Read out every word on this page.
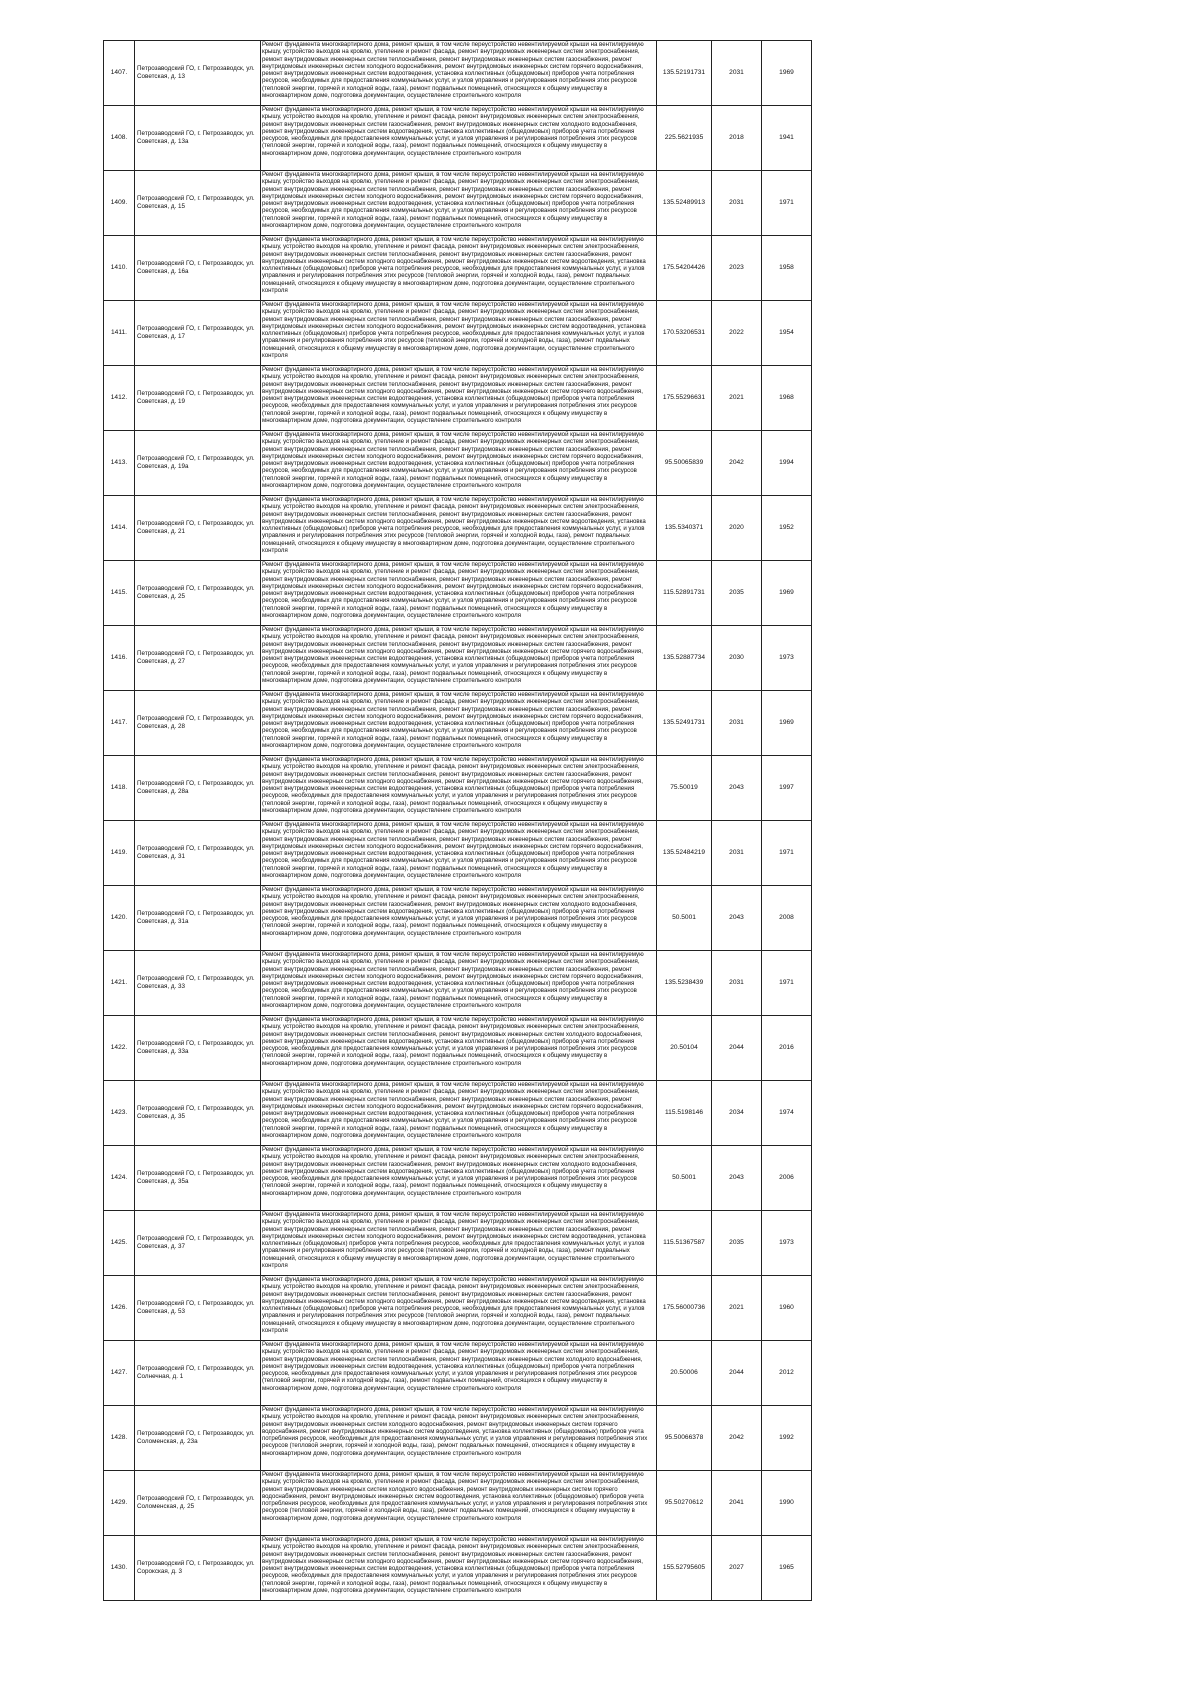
1407.	Петрозаводский ГО, г. Петрозаводск, ул. Советская, д. 13	Ремонт фундамента многоквартирного дома, ремонт крыши, в том числе переустройство невентилируемой крыши на вентилируемую крышу, устройство выходов на кровлю, утепление и ремонт фасада, ремонт внутридомовых инженерных систем электроснабжения, ремонт внутридомовых инженерных систем теплоснабжения, ремонт внутридомовых инженерных систем газоснабжения, ремонт внутридомовых инженерных систем холодного водоснабжения, ремонт внутридомовых инженерных систем горячего водоснабжения, ремонт внутридомовых инженерных систем водоотведения, установка коллективных (общедомовых) приборов учета потребления ресурсов, необходимых для предоставления коммунальных услуг, и узлов управления и регулирования потребления этих ресурсов (тепловой энергии, горячей и холодной воды, газа), ремонт подвальных помещений, относящихся к общему имуществу в многоквартирном доме, подготовка документации, осуществление строительного контроля	135.52191731	2031	1969
1408.	Петрозаводский ГО, г. Петрозаводск, ул. Советская, д. 13а	Ремонт фундамента многоквартирного дома, ремонт крыши, в том числе переустройство невентилируемой крыши на вентилируемую крышу, устройство выходов на кровлю, утепление и ремонт фасада, ремонт внутридомовых инженерных систем электроснабжения, ремонт внутридомовых инженерных систем газоснабжения, ремонт внутридомовых инженерных систем холодного водоснабжения, ремонт внутридомовых инженерных систем водоотведения, установка коллективных (общедомовых) приборов учета потребления ресурсов, необходимых для предоставления коммунальных услуг, и узлов управления и регулирования потребления этих ресурсов (тепловой энергии, горячей и холодной воды, газа), ремонт подвальных помещений, относящихся к общему имуществу в многоквартирном доме, подготовка документации, осуществление строительного контроля	225.5621935	2018	1941
1409.	Петрозаводский ГО, г. Петрозаводск, ул. Советская, д. 15	Ремонт фундамента многоквартирного дома, ремонт крыши, в том числе переустройство невентилируемой крыши на вентилируемую крышу, устройство выходов на кровлю, утепление и ремонт фасада, ремонт внутридомовых инженерных систем электроснабжения, ремонт внутридомовых инженерных систем теплоснабжения, ремонт внутридомовых инженерных систем газоснабжения, ремонт внутридомовых инженерных систем холодного водоснабжения, ремонт внутридомовых инженерных систем горячего водоснабжения, ремонт внутридомовых инженерных систем водоотведения, установка коллективных (общедомовых) приборов учета потребления ресурсов, необходимых для предоставления коммунальных услуг, и узлов управления и регулирования потребления этих ресурсов (тепловой энергии, горячей и холодной воды, газа), ремонт подвальных помещений, относящихся к общему имуществу в многоквартирном доме, подготовка документации, осуществление строительного контроля	135.52489913	2031	1971
1410.	Петрозаводский ГО, г. Петрозаводск, ул. Советская, д. 16а	Ремонт фундамента многоквартирного дома, ремонт крыши, в том числе переустройство невентилируемой крыши на вентилируемую крышу, устройство выходов на кровлю, утепление и ремонт фасада, ремонт внутридомовых инженерных систем электроснабжения, ремонт внутридомовых инженерных систем теплоснабжения, ремонт внутридомовых инженерных систем газоснабжения, ремонт внутридомовых инженерных систем холодного водоснабжения, ремонт внутридомовых инженерных систем водоотведения, установка коллективных (общедомовых) приборов учета потребления ресурсов, необходимых для предоставления коммунальных услуг, и узлов управления и регулирования потребления этих ресурсов (тепловой энергии, горячей и холодной воды, газа), ремонт подвальных помещений, относящихся к общему имуществу в многоквартирном доме, подготовка документации, осуществление строительного контроля	175.54204426	2023	1958
1411.	Петрозаводский ГО, г. Петрозаводск, ул. Советская, д. 17	Ремонт фундамента многоквартирного дома, ремонт крыши, в том числе переустройство невентилируемой крыши на вентилируемую крышу, устройство выходов на кровлю, утепление и ремонт фасада, ремонт внутридомовых инженерных систем электроснабжения, ремонт внутридомовых инженерных систем теплоснабжения, ремонт внутридомовых инженерных систем газоснабжения, ремонт внутридомовых инженерных систем холодного водоснабжения, ремонт внутридомовых инженерных систем водоотведения, установка коллективных (общедомовых) приборов учета потребления ресурсов, необходимых для предоставления коммунальных услуг, и узлов управления и регулирования потребления этих ресурсов (тепловой энергии, горячей и холодной воды, газа), ремонт подвальных помещений, относящихся к общему имуществу в многоквартирном доме, подготовка документации, осуществление строительного контроля	170.53206531	2022	1954
1412.	Петрозаводский ГО, г. Петрозаводск, ул. Советская, д. 19	Ремонт фундамента многоквартирного дома, ремонт крыши, в том числе переустройство невентилируемой крыши на вентилируемую крышу, устройство выходов на кровлю, утепление и ремонт фасада, ремонт внутридомовых инженерных систем электроснабжения, ремонт внутридомовых инженерных систем теплоснабжения, ремонт внутридомовых инженерных систем газоснабжения, ремонт внутридомовых инженерных систем холодного водоснабжения, ремонт внутридомовых инженерных систем горячего водоснабжения, ремонт внутридомовых инженерных систем водоотведения, установка коллективных (общедомовых) приборов учета потребления ресурсов, необходимых для предоставления коммунальных услуг, и узлов управления и регулирования потребления этих ресурсов (тепловой энергии, горячей и холодной воды, газа), ремонт подвальных помещений, относящихся к общему имуществу в многоквартирном доме, подготовка документации, осуществление строительного контроля	175.55296631	2021	1968
1413.	Петрозаводский ГО, г. Петрозаводск, ул. Советская, д. 19а	Ремонт фундамента многоквартирного дома, ремонт крыши, в том числе переустройство невентилируемой крыши на вентилируемую крышу, устройство выходов на кровлю, утепление и ремонт фасада, ремонт внутридомовых инженерных систем электроснабжения, ремонт внутридомовых инженерных систем теплоснабжения, ремонт внутридомовых инженерных систем газоснабжения, ремонт внутридомовых инженерных систем холодного водоснабжения, ремонт внутридомовых инженерных систем горячего водоснабжения, ремонт внутридомовых инженерных систем водоотведения, установка коллективных (общедомовых) приборов учета потребления ресурсов, необходимых для предоставления коммунальных услуг, и узлов управления и регулирования потребления этих ресурсов (тепловой энергии, горячей и холодной воды, газа), ремонт подвальных помещений, относящихся к общему имуществу в многоквартирном доме, подготовка документации, осуществление строительного контроля	95.50065839	2042	1994
1414.	Петрозаводский ГО, г. Петрозаводск, ул. Советская, д. 21	Ремонт фундамента многоквартирного дома, ремонт крыши, в том числе переустройство невентилируемой крыши на вентилируемую крышу, устройство выходов на кровлю, утепление и ремонт фасада, ремонт внутридомовых инженерных систем электроснабжения, ремонт внутридомовых инженерных систем теплоснабжения, ремонт внутридомовых инженерных систем газоснабжения, ремонт внутридомовых инженерных систем холодного водоснабжения, ремонт внутридомовых инженерных систем водоотведения, установка коллективных (общедомовых) приборов учета потребления ресурсов, необходимых для предоставления коммунальных услуг, и узлов управления и регулирования потребления этих ресурсов (тепловой энергии, горячей и холодной воды, газа), ремонт подвальных помещений, относящихся к общему имуществу в многоквартирном доме, подготовка документации, осуществление строительного контроля	135.5340371	2020	1952
1415.	Петрозаводский ГО, г. Петрозаводск, ул. Советская, д. 25	Ремонт фундамента многоквартирного дома, ремонт крыши, в том числе переустройство невентилируемой крыши на вентилируемую крышу, устройство выходов на кровлю, утепление и ремонт фасада, ремонт внутридомовых инженерных систем электроснабжения, ремонт внутридомовых инженерных систем теплоснабжения, ремонт внутридомовых инженерных систем газоснабжения, ремонт внутридомовых инженерных систем холодного водоснабжения, ремонт внутридомовых инженерных систем горячего водоснабжения, ремонт внутридомовых инженерных систем водоотведения, установка коллективных (общедомовых) приборов учета потребления ресурсов, необходимых для предоставления коммунальных услуг, и узлов управления и регулирования потребления этих ресурсов (тепловой энергии, горячей и холодной воды, газа), ремонт подвальных помещений, относящихся к общему имуществу в многоквартирном доме, подготовка документации, осуществление строительного контроля	115.52891731	2035	1969
1416.	Петрозаводский ГО, г. Петрозаводск, ул. Советская, д. 27	Ремонт фундамента многоквартирного дома, ремонт крыши, в том числе переустройство невентилируемой крыши на вентилируемую крышу, устройство выходов на кровлю, утепление и ремонт фасада, ремонт внутридомовых инженерных систем электроснабжения, ремонт внутридомовых инженерных систем теплоснабжения, ремонт внутридомовых инженерных систем газоснабжения, ремонт внутридомовых инженерных систем холодного водоснабжения, ремонт внутридомовых инженерных систем горячего водоснабжения, ремонт внутридомовых инженерных систем водоотведения, установка коллективных (общедомовых) приборов учета потребления ресурсов, необходимых для предоставления коммунальных услуг, и узлов управления и регулирования потребления этих ресурсов (тепловой энергии, горячей и холодной воды, газа), ремонт подвальных помещений, относящихся к общему имуществу в многоквартирном доме, подготовка документации, осуществление строительного контроля	135.52887734	2030	1973
1417.	Петрозаводский ГО, г. Петрозаводск, ул. Советская, д. 28	Ремонт фундамента многоквартирного дома, ремонт крыши, в том числе переустройство невентилируемой крыши на вентилируемую крышу, устройство выходов на кровлю, утепление и ремонт фасада, ремонт внутридомовых инженерных систем электроснабжения, ремонт внутридомовых инженерных систем теплоснабжения, ремонт внутридомовых инженерных систем газоснабжения, ремонт внутридомовых инженерных систем холодного водоснабжения, ремонт внутридомовых инженерных систем горячего водоснабжения, ремонт внутридомовых инженерных систем водоотведения, установка коллективных (общедомовых) приборов учета потребления ресурсов, необходимых для предоставления коммунальных услуг, и узлов управления и регулирования потребления этих ресурсов (тепловой энергии, горячей и холодной воды, газа), ремонт подвальных помещений, относящихся к общему имуществу в многоквартирном доме, подготовка документации, осуществление строительного контроля	135.52491731	2031	1969
1418.	Петрозаводский ГО, г. Петрозаводск, ул. Советская, д. 28а	Ремонт фундамента многоквартирного дома, ремонт крыши, в том числе переустройство невентилируемой крыши на вентилируемую крышу, устройство выходов на кровлю, утепление и ремонт фасада, ремонт внутридомовых инженерных систем электроснабжения, ремонт внутридомовых инженерных систем теплоснабжения, ремонт внутридомовых инженерных систем газоснабжения, ремонт внутридомовых инженерных систем холодного водоснабжения, ремонт внутридомовых инженерных систем горячего водоснабжения, ремонт внутридомовых инженерных систем водоотведения, установка коллективных (общедомовых) приборов учета потребления ресурсов, необходимых для предоставления коммунальных услуг, и узлов управления и регулирования потребления этих ресурсов (тепловой энергии, горячей и холодной воды, газа), ремонт подвальных помещений, относящихся к общему имуществу в многоквартирном доме, подготовка документации, осуществление строительного контроля	75.50019	2043	1997
1419.	Петрозаводский ГО, г. Петрозаводск, ул. Советская, д. 31	Ремонт фундамента многоквартирного дома, ремонт крыши, в том числе переустройство невентилируемой крыши на вентилируемую крышу, устройство выходов на кровлю, утепление и ремонт фасада, ремонт внутридомовых инженерных систем электроснабжения, ремонт внутридомовых инженерных систем теплоснабжения, ремонт внутридомовых инженерных систем газоснабжения, ремонт внутридомовых инженерных систем холодного водоснабжения, ремонт внутридомовых инженерных систем горячего водоснабжения, ремонт внутридомовых инженерных систем водоотведения, установка коллективных (общедомовых) приборов учета потребления ресурсов, необходимых для предоставления коммунальных услуг, и узлов управления и регулирования потребления этих ресурсов (тепловой энергии, горячей и холодной воды, газа), ремонт подвальных помещений, относящихся к общему имуществу в многоквартирном доме, подготовка документации, осуществление строительного контроля	135.52484219	2031	1971
1420.	Петрозаводский ГО, г. Петрозаводск, ул. Советская, д. 31а	Ремонт фундамента многоквартирного дома, ремонт крыши, в том числе переустройство невентилируемой крыши на вентилируемую крышу, устройство выходов на кровлю, утепление и ремонт фасада, ремонт внутридомовых инженерных систем электроснабжения, ремонт внутридомовых инженерных систем газоснабжения, ремонт внутридомовых инженерных систем холодного водоснабжения, ремонт внутридомовых инженерных систем водоотведения, установка коллективных (общедомовых) приборов учета потребления ресурсов, необходимых для предоставления коммунальных услуг, и узлов управления и регулирования потребления этих ресурсов (тепловой энергии, горячей и холодной воды, газа), ремонт подвальных помещений, относящихся к общему имуществу в многоквартирном доме, подготовка документации, осуществление строительного контроля	50.5001	2043	2008
1421.	Петрозаводский ГО, г. Петрозаводск, ул. Советская, д. 33	Ремонт фундамента многоквартирного дома, ремонт крыши, в том числе переустройство невентилируемой крыши на вентилируемую крышу, устройство выходов на кровлю, утепление и ремонт фасада, ремонт внутридомовых инженерных систем электроснабжения, ремонт внутридомовых инженерных систем теплоснабжения, ремонт внутридомовых инженерных систем газоснабжения, ремонт внутридомовых инженерных систем холодного водоснабжения, ремонт внутридомовых инженерных систем горячего водоснабжения, ремонт внутридомовых инженерных систем водоотведения, установка коллективных (общедомовых) приборов учета потребления ресурсов, необходимых для предоставления коммунальных услуг, и узлов управления и регулирования потребления этих ресурсов (тепловой энергии, горячей и холодной воды, газа), ремонт подвальных помещений, относящихся к общему имуществу в многоквартирном доме, подготовка документации, осуществление строительного контроля	135.5238439	2031	1971
1422.	Петрозаводский ГО, г. Петрозаводск, ул. Советская, д. 33а	Ремонт фундамента многоквартирного дома, ремонт крыши, в том числе переустройство невентилируемой крыши на вентилируемую крышу, устройство выходов на кровлю, утепление и ремонт фасада, ремонт внутридомовых инженерных систем электроснабжения, ремонт внутридомовых инженерных систем теплоснабжения, ремонт внутридомовых инженерных систем холодного водоснабжения, ремонт внутридомовых инженерных систем водоотведения, установка коллективных (общедомовых) приборов учета потребления ресурсов, необходимых для предоставления коммунальных услуг, и узлов управления и регулирования потребления этих ресурсов (тепловой энергии, горячей и холодной воды, газа), ремонт подвальных помещений, относящихся к общему имуществу в многоквартирном доме, подготовка документации, осуществление строительного контроля	20.50104	2044	2016
1423.	Петрозаводский ГО, г. Петрозаводск, ул. Советская, д. 35	Ремонт фундамента многоквартирного дома, ремонт крыши, в том числе переустройство невентилируемой крыши на вентилируемую крышу, устройство выходов на кровлю, утепление и ремонт фасада, ремонт внутридомовых инженерных систем электроснабжения, ремонт внутридомовых инженерных систем теплоснабжения, ремонт внутридомовых инженерных систем газоснабжения, ремонт внутридомовых инженерных систем холодного водоснабжения, ремонт внутридомовых инженерных систем горячего водоснабжения, ремонт внутридомовых инженерных систем водоотведения, установка коллективных (общедомовых) приборов учета потребления ресурсов, необходимых для предоставления коммунальных услуг, и узлов управления и регулирования потребления этих ресурсов (тепловой энергии, горячей и холодной воды, газа), ремонт подвальных помещений, относящихся к общему имуществу в многоквартирном доме, подготовка документации, осуществление строительного контроля	115.5198146	2034	1974
1424.	Петрозаводский ГО, г. Петрозаводск, ул. Советская, д. 35а	Ремонт фундамента многоквартирного дома, ремонт крыши, в том числе переустройство невентилируемой крыши на вентилируемую крышу, устройство выходов на кровлю, утепление и ремонт фасада, ремонт внутридомовых инженерных систем электроснабжения, ремонт внутридомовых инженерных систем газоснабжения, ремонт внутридомовых инженерных систем холодного водоснабжения, ремонт внутридомовых инженерных систем водоотведения, установка коллективных (общедомовых) приборов учета потребления ресурсов, необходимых для предоставления коммунальных услуг, и узлов управления и регулирования потребления этих ресурсов (тепловой энергии, горячей и холодной воды, газа), ремонт подвальных помещений, относящихся к общему имуществу в многоквартирном доме, подготовка документации, осуществление строительного контроля	50.5001	2043	2006
1425.	Петрозаводский ГО, г. Петрозаводск, ул. Советская, д. 37	Ремонт фундамента многоквартирного дома, ремонт крыши, в том числе переустройство невентилируемой крыши на вентилируемую крышу, устройство выходов на кровлю, утепление и ремонт фасада, ремонт внутридомовых инженерных систем электроснабжения, ремонт внутридомовых инженерных систем теплоснабжения, ремонт внутридомовых инженерных систем газоснабжения, ремонт внутридомовых инженерных систем холодного водоснабжения, ремонт внутридомовых инженерных систем водоотведения, установка коллективных (общедомовых) приборов учета потребления ресурсов, необходимых для предоставления коммунальных услуг, и узлов управления и регулирования потребления этих ресурсов (тепловой энергии, горячей и холодной воды, газа), ремонт подвальных помещений, относящихся к общему имуществу в многоквартирном доме, подготовка документации, осуществление строительного контроля	115.51367587	2035	1973
1426.	Петрозаводский ГО, г. Петрозаводск, ул. Советская, д. 53	Ремонт фундамента многоквартирного дома, ремонт крыши, в том числе переустройство невентилируемой крыши на вентилируемую крышу, устройство выходов на кровлю, утепление и ремонт фасада, ремонт внутридомовых инженерных систем электроснабжения, ремонт внутридомовых инженерных систем теплоснабжения, ремонт внутридомовых инженерных систем газоснабжения, ремонт внутридомовых инженерных систем холодного водоснабжения, ремонт внутридомовых инженерных систем водоотведения, установка коллективных (общедомовых) приборов учета потребления ресурсов, необходимых для предоставления коммунальных услуг, и узлов управления и регулирования потребления этих ресурсов (тепловой энергии, горячей и холодной воды, газа), ремонт подвальных помещений, относящихся к общему имуществу в многоквартирном доме, подготовка документации, осуществление строительного контроля	175.56000736	2021	1960
1427.	Петрозаводский ГО, г. Петрозаводск, ул. Солнечная, д. 1	Ремонт фундамента многоквартирного дома, ремонт крыши, в том числе переустройство невентилируемой крыши на вентилируемую крышу, устройство выходов на кровлю, утепление и ремонт фасада, ремонт внутридомовых инженерных систем электроснабжения, ремонт внутридомовых инженерных систем теплоснабжения, ремонт внутридомовых инженерных систем холодного водоснабжения, ремонт внутридомовых инженерных систем водоотведения, установка коллективных (общедомовых) приборов учета потребления ресурсов, необходимых для предоставления коммунальных услуг, и узлов управления и регулирования потребления этих ресурсов (тепловой энергии, горячей и холодной воды, газа), ремонт подвальных помещений, относящихся к общему имуществу в многоквартирном доме, подготовка документации, осуществление строительного контроля	20.50006	2044	2012
1428.	Петрозаводский ГО, г. Петрозаводск, ул. Соломенская, д. 23а	Ремонт фундамента многоквартирного дома, ремонт крыши, в том числе переустройство невентилируемой крыши на вентилируемую крышу, устройство выходов на кровлю, утепление и ремонт фасада, ремонт внутридомовых инженерных систем электроснабжения, ремонт внутридомовых инженерных систем холодного водоснабжения, ремонт внутридомовых инженерных систем горячего водоснабжения, ремонт внутридомовых инженерных систем водоотведения, установка коллективных (общедомовых) приборов учета потребления ресурсов, необходимых для предоставления коммунальных услуг, и узлов управления и регулирования потребления этих ресурсов (тепловой энергии, горячей и холодной воды, газа), ремонт подвальных помещений, относящихся к общему имуществу в многоквартирном доме, подготовка документации, осуществление строительного контроля	95.50066378	2042	1992
1429.	Петрозаводский ГО, г. Петрозаводск, ул. Соломенская, д. 25	Ремонт фундамента многоквартирного дома, ремонт крыши, в том числе переустройство невентилируемой крыши на вентилируемую крышу, устройство выходов на кровлю, утепление и ремонт фасада, ремонт внутридомовых инженерных систем электроснабжения, ремонт внутридомовых инженерных систем холодного водоснабжения, ремонт внутридомовых инженерных систем горячего водоснабжения, ремонт внутридомовых инженерных систем водоотведения, установка коллективных (общедомовых) приборов учета потребления ресурсов, необходимых для предоставления коммунальных услуг, и узлов управления и регулирования потребления этих ресурсов (тепловой энергии, горячей и холодной воды, газа), ремонт подвальных помещений, относящихся к общему имуществу в многоквартирном доме, подготовка документации, осуществление строительного контроля	95.50270612	2041	1990
1430.	Петрозаводский ГО, г. Петрозаводск, ул. Сорокская, д. 3	Ремонт фундамента многоквартирного дома, ремонт крыши, в том числе переустройство невентилируемой крыши на вентилируемую крышу, устройство выходов на кровлю, утепление и ремонт фасада, ремонт внутридомовых инженерных систем электроснабжения, ремонт внутридомовых инженерных систем теплоснабжения, ремонт внутридомовых инженерных систем газоснабжения, ремонт внутридомовых инженерных систем холодного водоснабжения, ремонт внутридомовых инженерных систем горячего водоснабжения, ремонт внутридомовых инженерных систем водоотведения, установка коллективных (общедомовых) приборов учета потребления ресурсов, необходимых для предоставления коммунальных услуг, и узлов управления и регулирования потребления этих ресурсов (тепловой энергии, горячей и холодной воды, газа), ремонт подвальных помещений, относящихся к общему имуществу в многоквартирном доме, подготовка документации, осуществление строительного контроля	155.52795605	2027	1965
